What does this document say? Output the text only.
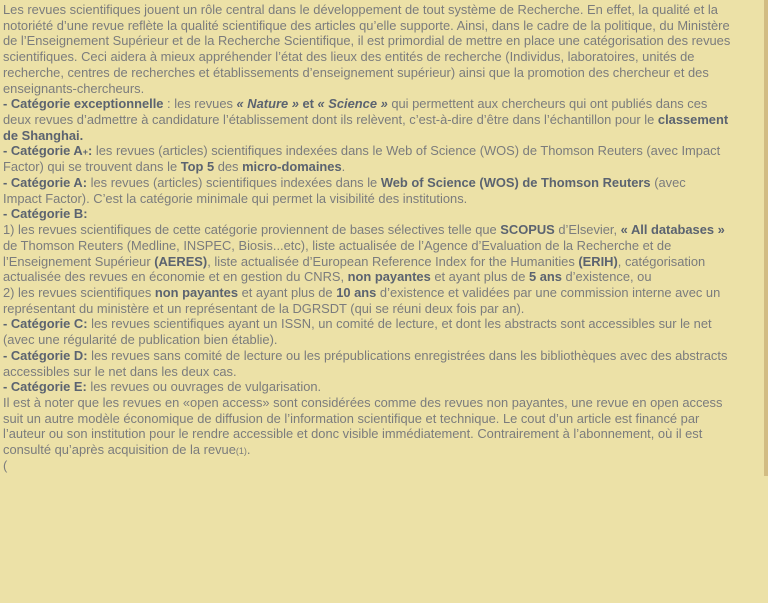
Les revues scientifiques jouent un rôle central dans le développement de tout système de Recherche. En effet, la qualité et la
notoriété d’une revue reflète la qualité scientifique des articles qu’elle supporte. Ainsi, dans le cadre de la politique, du Ministère
de l’Enseignement Supérieur et de la Recherche Scientifique, il est primordial de mettre en place une catégorisation des revues
scientifiques. Ceci aidera à mieux appréhender l’état des lieux des entités de recherche (Individus, laboratoires, unités de
recherche, centres de recherches et établissements d’enseignement supérieur) ainsi que la promotion des chercheur et des
enseignants-chercheurs.
- Catégorie exceptionnelle : les revues « Nature » et « Science » qui permettent aux chercheurs qui ont publiés dans ces
deux revues d’admettre à candidature l’établissement dont ils relèvent, c’est-à-dire d’être dans l’échantillon pour le classement
de Shanghai.
- Catégorie A+: les revues (articles) scientifiques indexées dans le Web of Science (WOS) de Thomson Reuters (avec Impact
Factor) qui se trouvent dans le Top 5 des micro-domaines.
- Catégorie A: les revues (articles) scientifiques indexées dans le Web of Science (WOS) de Thomson Reuters (avec
Impact Factor). C’est la catégorie minimale qui permet la visibilité des institutions.
- Catégorie B:
1) les revues scientifiques de cette catégorie proviennent de bases sélectives telle que SCOPUS d’Elsevier, « All databases »
de Thomson Reuters (Medline, INSPEC, Biosis...etc), liste actualisée de l’Agence d’Evaluation de la Recherche et de
l’Enseignement Supérieur (AERES), liste actualisée d’European Reference Index for the Humanities (ERIH), catégorisation
actualisée des revues en économie et en gestion du CNRS, non payantes et ayant plus de 5 ans d’existence, ou
2) les revues scientifiques non payantes et ayant plus de 10 ans d’existence et validées par une commission interne avec un
représentant du ministère et un représentant de la DGRSDT (qui se réuni deux fois par an).
- Catégorie C: les revues scientifiques ayant un ISSN, un comité de lecture, et dont les abstracts sont accessibles sur le net
(avec une régularité de publication bien établie).
- Catégorie D: les revues sans comité de lecture ou les prépublications enregistrées dans les bibliothèques avec des abstracts
accessibles sur le net dans les deux cas.
- Catégorie E: les revues ou ouvrages de vulgarisation.
Il est à noter que les revues en «open access» sont considérées comme des revues non payantes, une revue en open access
suit un autre modèle économique de diffusion de l’information scientifique et technique. Le cout d’un article est financé par
l’auteur ou son institution pour le rendre accessible et donc visible immédiatement. Contrairement à l’abonnement, où il est
consulté qu’après acquisition de la revue(1).
(
